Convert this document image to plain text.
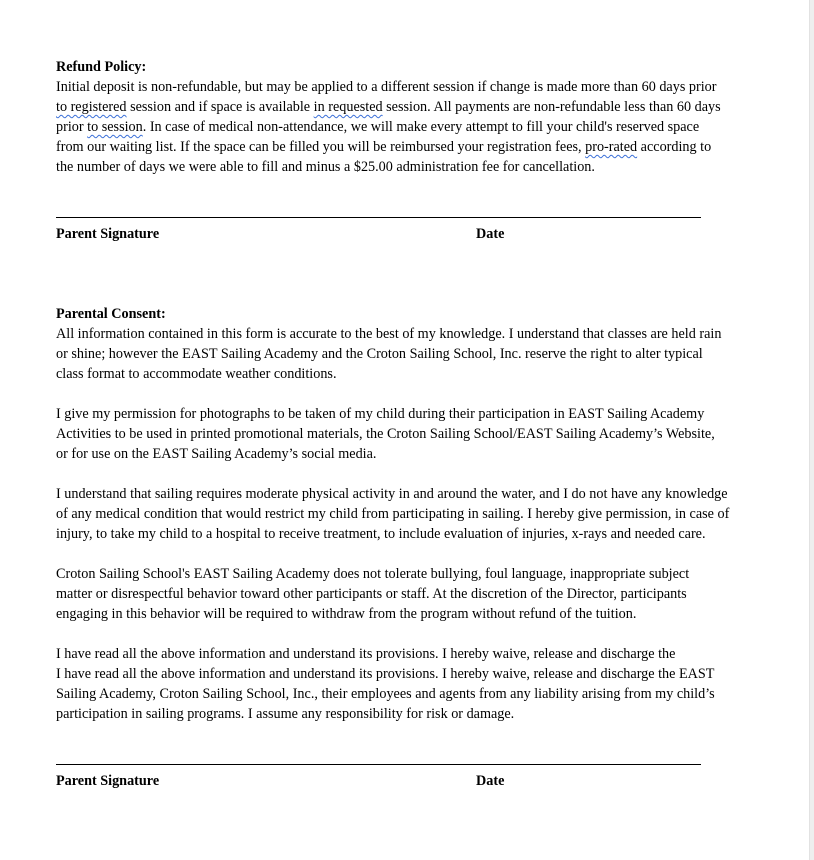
Refund Policy:
Initial deposit is non-refundable, but may be applied to a different session if change is made more than 60 days prior
to registered session and if space is available in requested session. All payments are non-refundable less than 60 days
prior to session. In case of medical non-attendance, we will make every attempt to fill your child's reserved space
from our waiting list. If the space can be filled you will be reimbursed your registration fees, pro-rated according to
the number of days we were able to fill and minus a $25.00 administration fee for cancellation.
Parent Signature	Date
Parental Consent:
All information contained in this form is accurate to the best of my knowledge. I understand that classes are held rain
or shine; however the EAST Sailing Academy and the Croton Sailing School, Inc. reserve the right to alter typical
class format to accommodate weather conditions.
I give my permission for photographs to be taken of my child during their participation in EAST Sailing Academy
Activities to be used in printed promotional materials, the Croton Sailing School/EAST Sailing Academy’s Website,
or for use on the EAST Sailing Academy’s social media.
I understand that sailing requires moderate physical activity in and around the water, and I do not have any knowledge
of any medical condition that would restrict my child from participating in sailing. I hereby give permission, in case of
injury, to take my child to a hospital to receive treatment, to include evaluation of injuries, x-rays and needed care.
Croton Sailing School's EAST Sailing Academy does not tolerate bullying, foul language, inappropriate subject
matter or disrespectful behavior toward other participants or staff. At the discretion of the Director, participants
engaging in this behavior will be required to withdraw from the program without refund of the tuition.
I have read all the above information and understand its provisions. I hereby waive, release and discharge the
I have read all the above information and understand its provisions. I hereby waive, release and discharge the EAST
Sailing Academy, Croton Sailing School, Inc., their employees and agents from any liability arising from my child’s
participation in sailing programs. I assume any responsibility for risk or damage.
Parent Signature	Date
